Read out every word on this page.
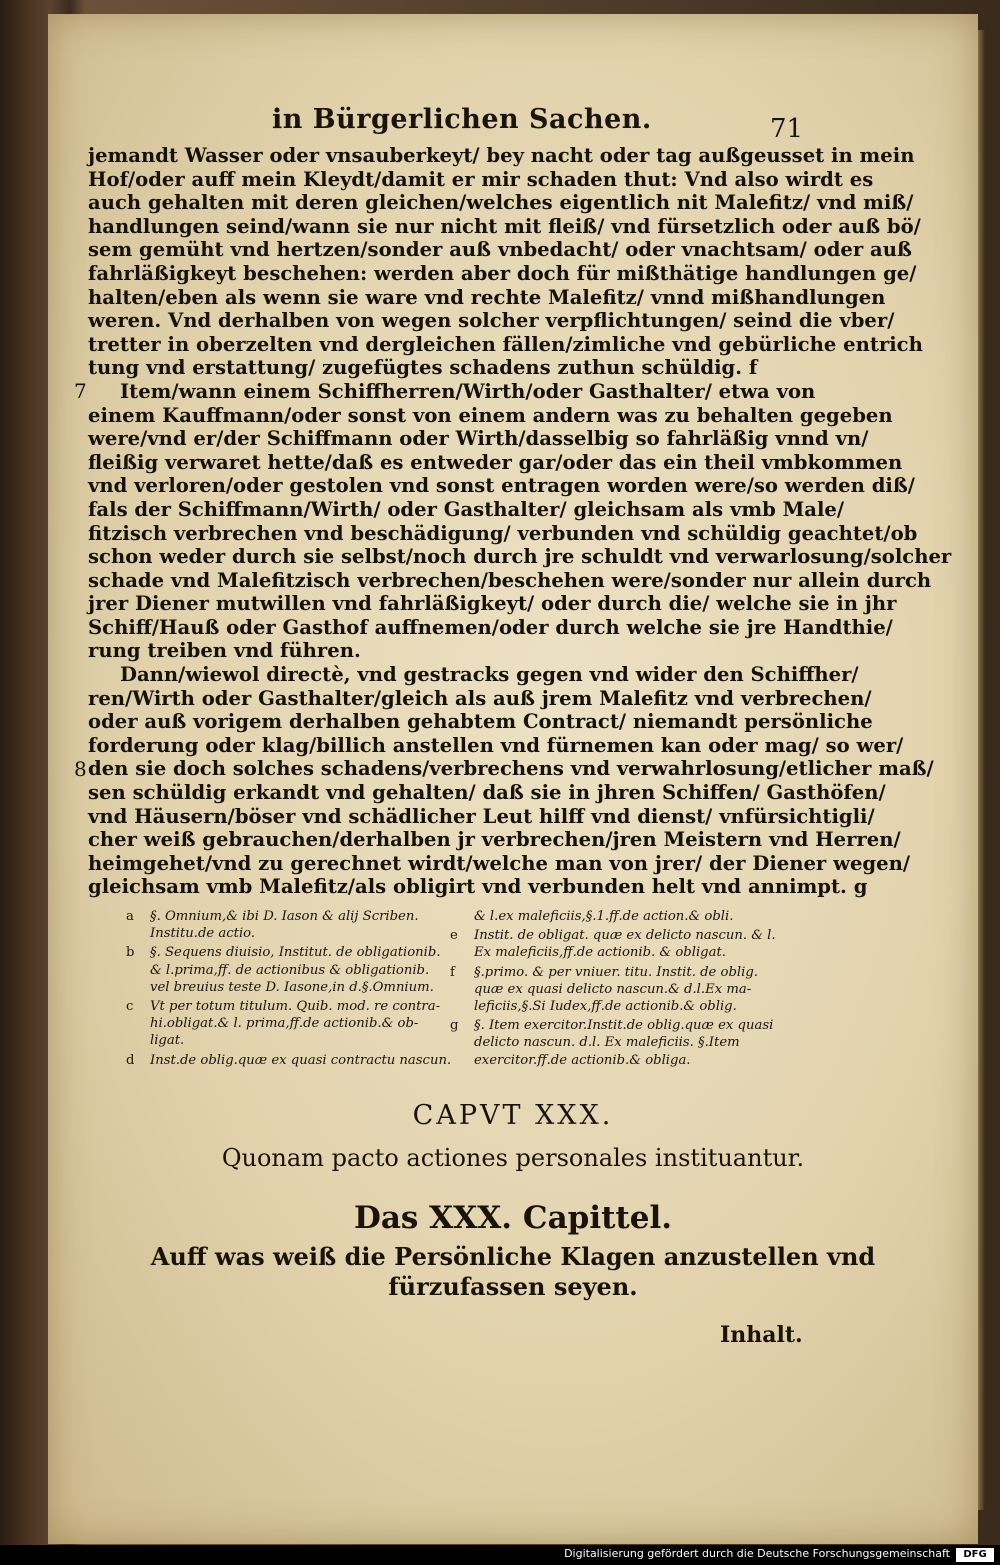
in Bürgerlichen Sachen.	71
jemandt Wasser oder vnsauberkeyt/ bey nacht oder tag außgeusset in mein
Hof/oder auff mein Kleydt/damit er mir schaden thut: Vnd also wirdt es
auch gehalten mit deren gleichen/welches eigentlich nit Malefitz/ vnd miß/
handlungen seind/wann sie nur nicht mit fleiß/ vnd fürsetzlich oder auß bö/
sem gemüht vnd hertzen/sonder auß vnbedacht/ oder vnachtsam/ oder auß
fahrläßigkeyt beschehen: werden aber doch für mißthätige handlungen ge/
halten/eben als wenn sie ware vnd rechte Malefitz/ vnnd mißhandlungen
weren. Vnd derhalben von wegen solcher verpflichtungen/ seind die vber/
tretter in oberzelten vnd dergleichen fällen/zimliche vnd gebürliche entrich
tung vnd erstattung/ zugefügtes schadens zuthun schüldig. f
Item/wann einem Schiffherren/Wirth/oder Gasthalter/ etwa von
einem Kauffmann/oder sonst von einem andern was zu behalten gegeben
were/vnd er/der Schiffmann oder Wirth/dasselbig so fahrläßig vnnd vn/
fleißig verwaret hette/daß es entweder gar/oder das ein theil vmbkommen
vnd verloren/oder gestolen vnd sonst entragen worden were/so werden diß/
fals der Schiffmann/Wirth/ oder Gasthalter/ gleichsam als vmb Male/
fitzisch verbrechen vnd beschädigung/ verbunden vnd schüldig geachtet/ob
schon weder durch sie selbst/noch durch jre schuldt vnd verwarlosung/solcher
schade vnd Malefitzisch verbrechen/beschehen were/sonder nur allein durch
jrer Diener mutwillen vnd fahrläßigkeyt/ oder durch die/ welche sie in jhr
Schiff/Hauß oder Gasthof auffnemen/oder durch welche sie jre Handthie/
rung treiben vnd führen.
Dann/wiewol directè, vnd gestracks gegen vnd wider den Schiffher/
ren/Wirth oder Gasthalter/gleich als auß jrem Malefitz vnd verbrechen/
oder auß vorigem derhalben gehabtem Contract/ niemandt persönliche
forderung oder klag/billich anstellen vnd fürnemen kan oder mag/ so wer/
den sie doch solches schadens/verbrechens vnd verwahrlosung/etlicher maß/
sen schüldig erkandt vnd gehalten/ daß sie in jhren Schiffen/ Gasthöfen/
vnd Häusern/böser vnd schädlicher Leut hilff vnd dienst/ vnfürsichtigli/
cher weiß gebrauchen/derhalben jr verbrechen/jren Meistern vnd Herren/
heimgehet/vnd zu gerechnet wirdt/welche man von jrer/ der Diener wegen/
gleichsam vmb Malefitz/als obligirt vnd verbunden helt vnd annimpt. g
7
8
a §. Omnium,& ibi D. Iason & alij Scriben.
Institu.de actio.
b §. Sequens diuisio, Institut. de obligationib.
& l.prima,ff. de actionibus & obligationib.
vel breuius teste D. Iasone,in d.§.Omnium.
c Vt per totum titulum. Quib. mod. re contra-
hi.obligat.& l. prima,ff.de actionib.& ob-
ligat.
d Inst.de oblig.quæ ex quasi contractu nascun.
& l.ex maleficiis,§.1.ff.de action.& obli.
e Instit. de obligat. quæ ex delicto nascun. & l.
Ex maleficiis,ff.de actionib. & obligat.
f §.primo. & per vniuer. titu. Instit. de oblig.
quæ ex quasi delicto nascun.& d.l.Ex ma-
leficiis,§.Si Iudex,ff.de actionib.& oblig.
g §. Item exercitor.Instit.de oblig.quæ ex quasi
delicto nascun. d.l. Ex maleficiis. §.Item
exercitor.ff.de actionib.& obliga.
CAPVT XXX.
Quonam pacto actiones personales instituantur.
Das XXX. Capittel.
Auff was weiß die Persönliche Klagen anzustellen vnd
fürzufassen seyen.
Inhalt.
Digitalisierung gefördert durch die Deutsche Forschungsgemeinschaft	DFG
